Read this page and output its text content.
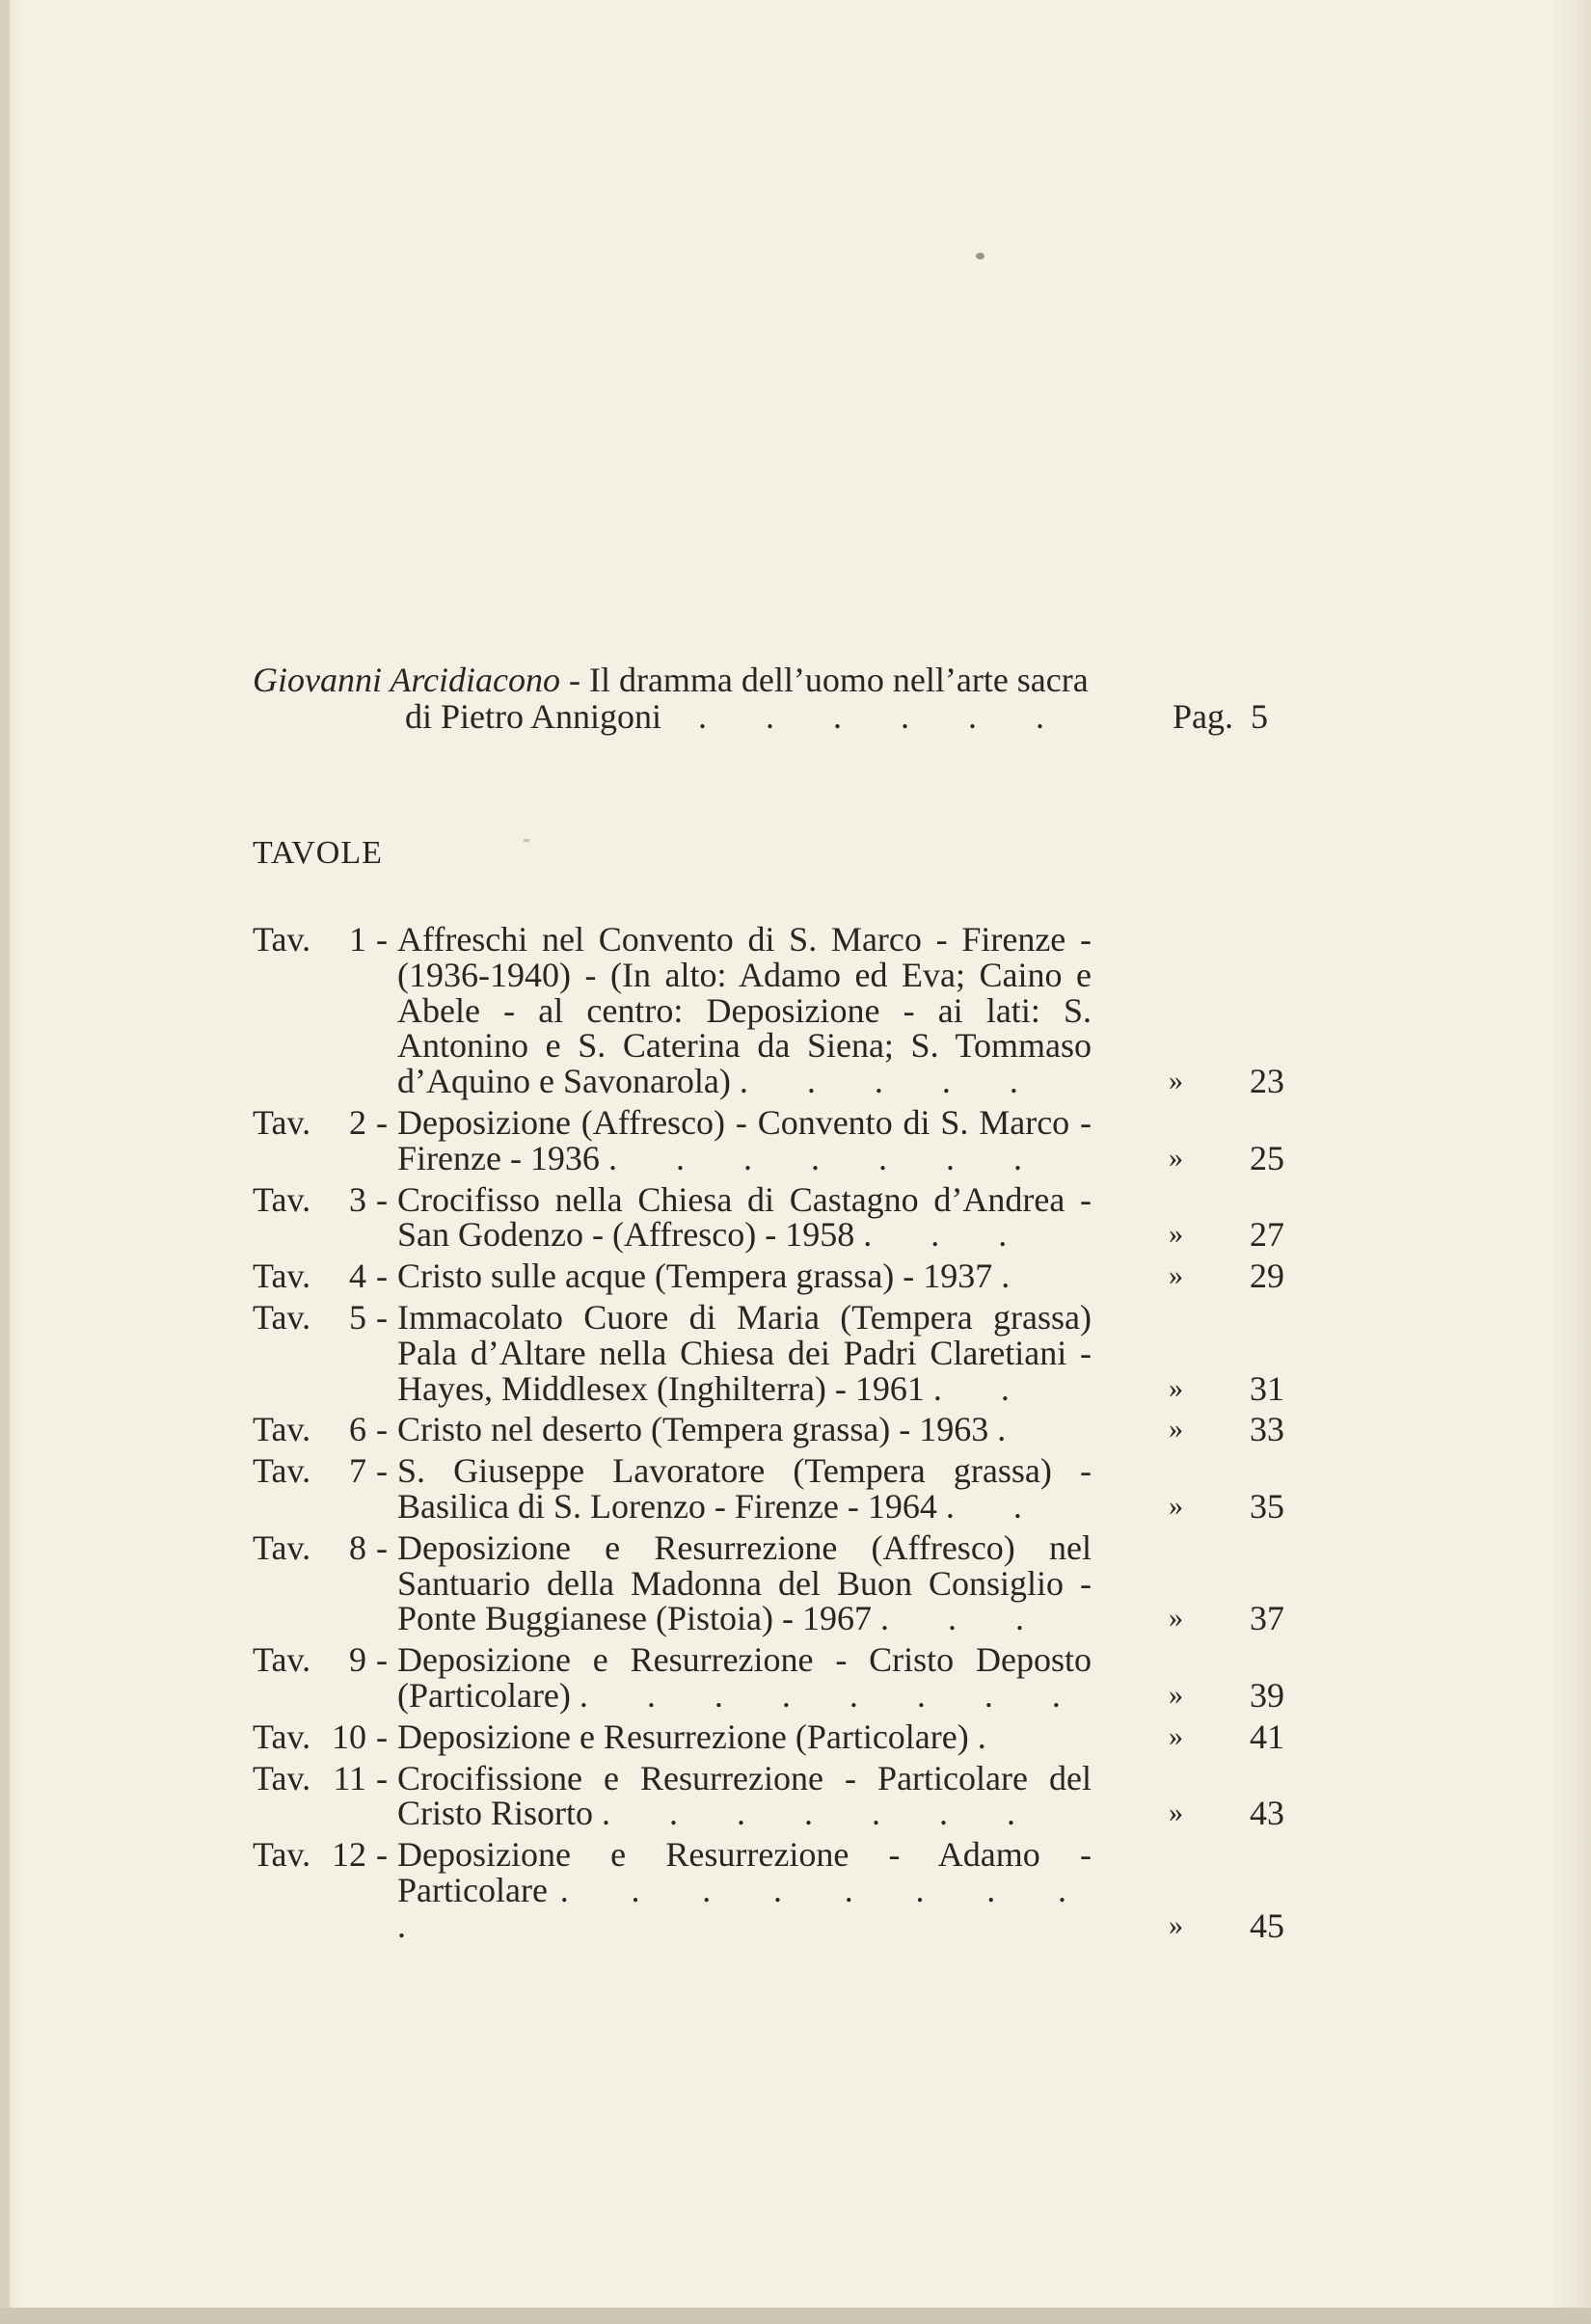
Giovanni Arcidiacono - Il dramma dell’uomo nell’arte sacra
di Pietro Annigoni . . . . . .	Pag. 5
TAVOLE
Tav.	1 - Affreschi nel Convento di S. Marco - Firenze - (1936-1940) - (In alto: Adamo ed Eva; Caino e Abele - al centro: Deposizione - ai lati: S. Antonino e S. Caterina da Siena; S. Tommaso d’Aquino e Savonarola) . . . . .	» 23
Tav.	2 - Deposizione (Affresco) - Convento di S. Marco - Firenze - 1936 . . . . . . .	» 25
Tav.	3 - Crocifisso nella Chiesa di Castagno d’Andrea - San Godenzo - (Affresco) - 1958 . . .	» 27
Tav.	4 - Cristo sulle acque (Tempera grassa) - 1937 .	» 29
Tav.	5 - Immacolato Cuore di Maria (Tempera grassa) Pala d’Altare nella Chiesa dei Padri Claretiani - Hayes, Middlesex (Inghilterra) - 1961 . .	» 31
Tav.	6 - Cristo nel deserto (Tempera grassa) - 1963 .	» 33
Tav.	7 - S. Giuseppe Lavoratore (Tempera grassa) - Basilica di S. Lorenzo - Firenze - 1964 . .	» 35
Tav.	8 - Deposizione e Resurrezione (Affresco) nel Santuario della Madonna del Buon Consiglio - Ponte Buggianese (Pistoia) - 1967 . . .	» 37
Tav.	9 - Deposizione e Resurrezione - Cristo Deposto (Particolare) . . . . . . . .	» 39
Tav. 10 - Deposizione e Resurrezione (Particolare) .	» 41
Tav. 11 - Crocifissione e Resurrezione - Particolare del Cristo Risorto . . . . . . .	» 43
Tav. 12 - Deposizione e Resurrezione - Adamo - Particolare . . . . . . . . .	» 45
